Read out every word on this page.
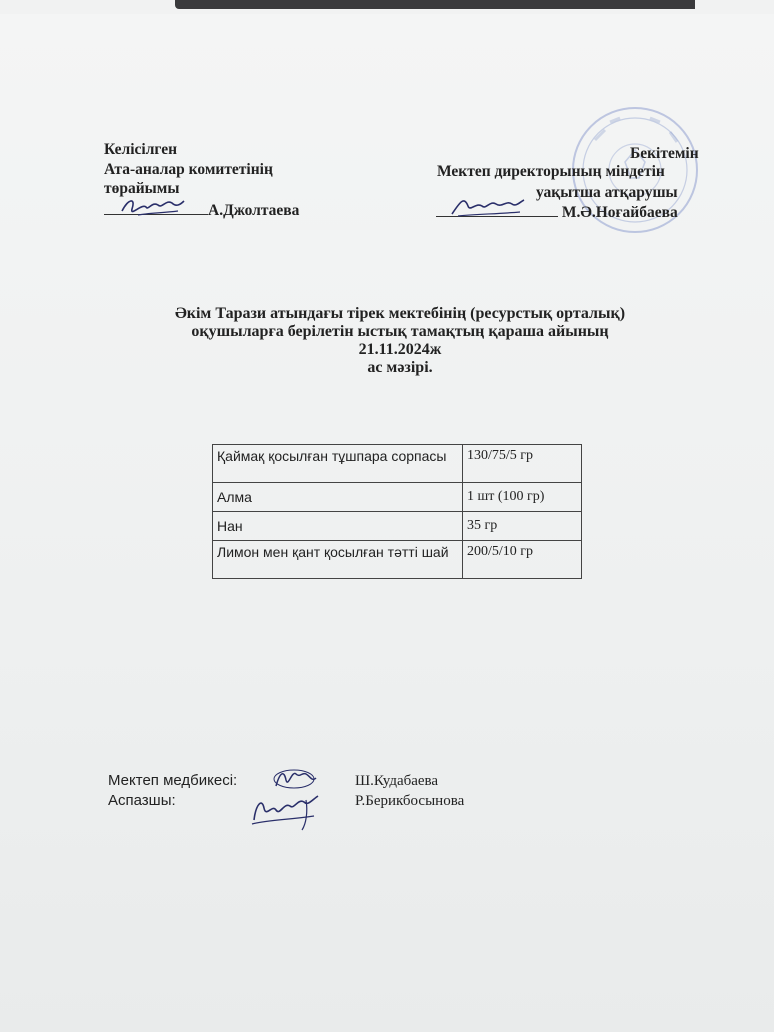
Келісілген
Ата-аналар комитетінің
төрайымы
А.Джолтаева
Бекітемін
Мектеп директорының міндетін
уақытша атқарушы
М.Ә.Ноғайбаева
Әкім Тарази атындағы тірек мектебінің (ресурстық орталық)
оқушыларға берілетін ыстық тамақтың қараша айының
21.11.2024ж
ас мәзірі.
Қаймақ қосылған тұшпара сорпасы	130/75/5 гр
Алма	1 шт (100 гр)
Нан	35 гр
Лимон мен қант қосылған тәтті шай	200/5/10 гр
Мектеп медбикесі:	Ш.Кудабаева
Аспазшы:	Р.Берикбосынова
